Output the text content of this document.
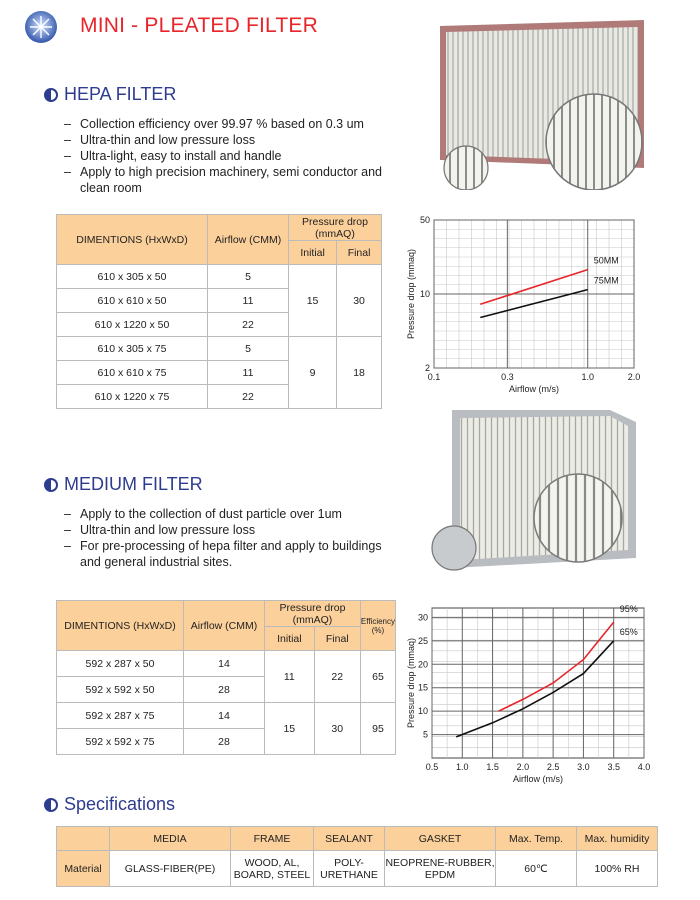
MINI - PLEATED FILTER
HEPA FILTER
– Collection efficiency over 99.97 % based on 0.3 um
– Ultra-thin and low pressure loss
– Ultra-light, easy to install and handle
– Apply to high precision machinery, semi conductor and clean room
DIMENTIONS (HxWxD)	Airflow (CMM)	Pressure drop (mmAQ)	
		Initial	Final
610 x 305 x 50	5	15	30
610 x 610 x 50	11		
610 x 1220 x 50	22		
610 x 305 x 75	5	9	18
610 x 610 x 75	11		
610 x 1220 x 75	22		
0.1	0.3	1.0	2.0
2
10
50
Airflow (m/s)
Pressure drop (mmaq)	50MM
75MM
MEDIUM FILTER
– Apply to the collection of dust particle over 1um
– Ultra-thin and low pressure loss
– For pre-processing of hepa filter and apply to buildings and general industrial sites.
DIMENTIONS (HxWxD)	Airflow (CMM)	Pressure drop (mmAQ)		Efficiency (%)
		Initial	Final	
592 x 287 x 50	14	11	22	65
592 x 592 x 50	28			
592 x 287 x 75	14	15	30	95
592 x 592 x 75	28			
0.5 1.0 1.5 2.0 2.5 3.0 3.5 4.0
5
10
15
20
25
30
Airflow (m/s)
Pressure drop (mmaq)
95%
65%
Specifications
	MEDIA	FRAME	SEALANT	GASKET	Max. Temp.	Max. humidity
Material	GLASS-FIBER(PE)	WOOD, AL, BOARD, STEEL	POLY-URETHANE	NEOPRENE-RUBBER, EPDM	60℃	100% RH
